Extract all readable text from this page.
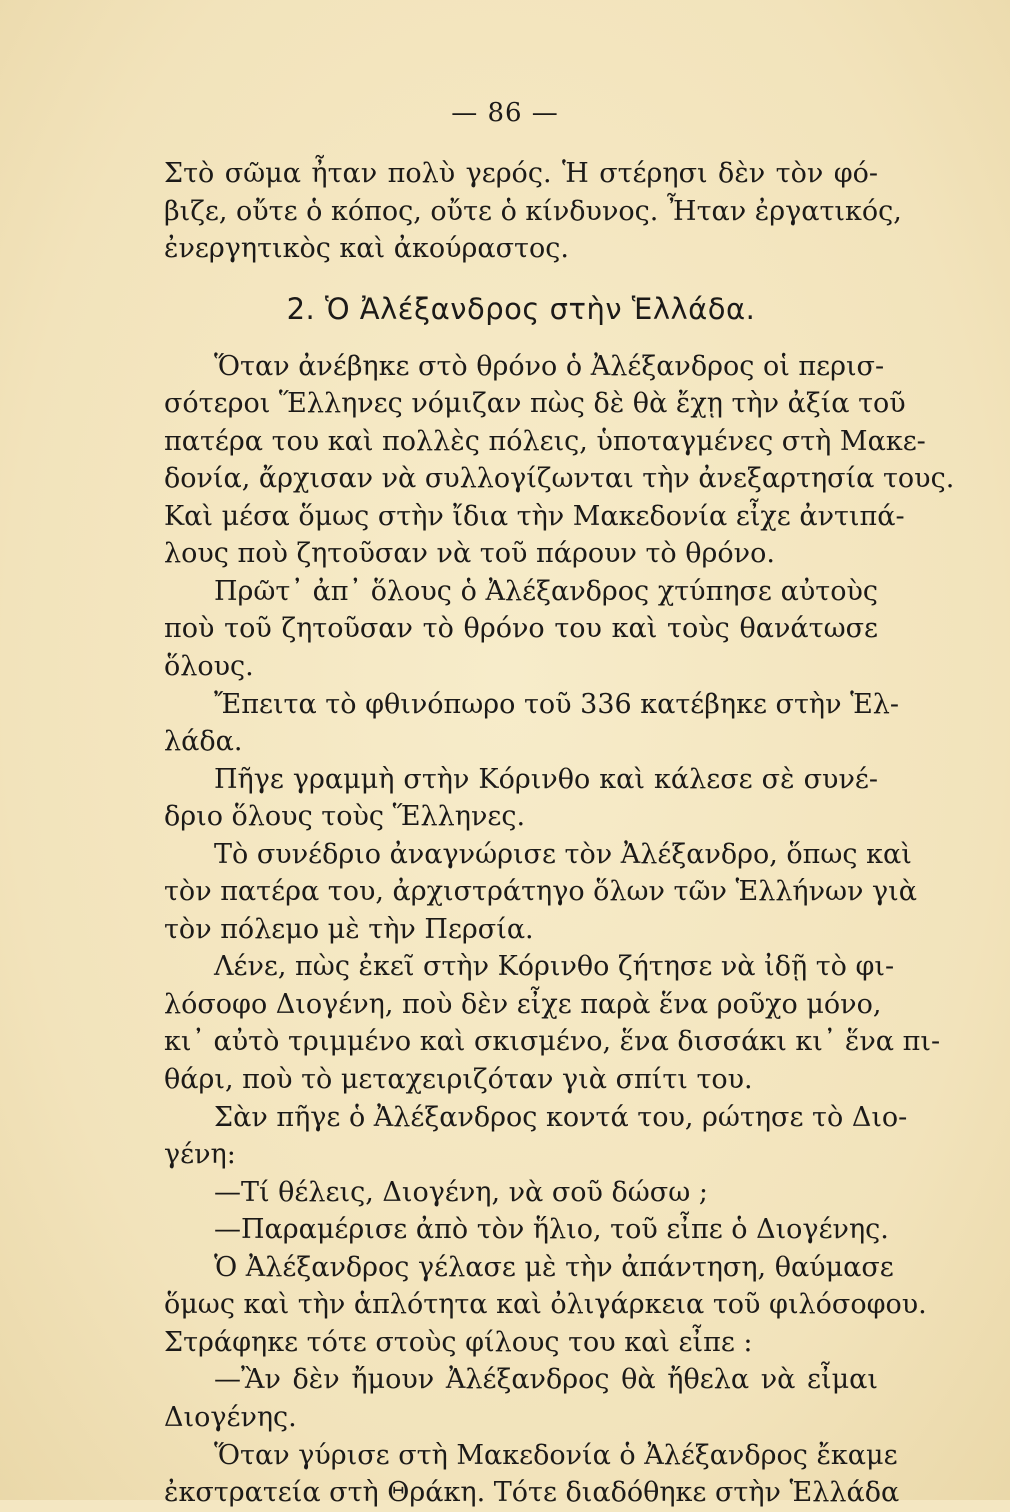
— 86 —
Στὸ σῶμα ἦταν πολὺ γερός. Ἡ στέρησι δὲν τὸν φό-
βιζε, οὔτε ὁ κόπος, οὔτε ὁ κίνδυνος. Ἦταν ἐργατικός,
ἐνεργητικὸς καὶ ἀκούραστος.
2. Ὁ Ἀλέξανδρος στὴν Ἑλλάδα.
Ὅταν ἀνέβηκε στὸ θρόνο ὁ Ἀλέξανδρος οἱ περισ-
σότεροι Ἕλληνες νόμιζαν πὼς δὲ θὰ ἔχῃ τὴν ἀξία τοῦ
πατέρα του καὶ πολλὲς πόλεις, ὑποταγμένες στὴ Μακε-
δονία, ἄρχισαν νὰ συλλογίζωνται τὴν ἀνεξαρτησία τους.
Καὶ μέσα ὅμως στὴν ἴδια τὴν Μακεδονία εἶχε ἀντιπά-
λους ποὺ ζητοῦσαν νὰ τοῦ πάρουν τὸ θρόνο.
Πρῶτ᾽ ἀπ᾽ ὅλους ὁ Ἀλέξανδρος χτύπησε αὐτοὺς
ποὺ τοῦ ζητοῦσαν τὸ θρόνο του καὶ τοὺς θανάτωσε
ὅλους.
Ἔπειτα τὸ φθινόπωρο τοῦ 336 κατέβηκε στὴν Ἑλ-
λάδα.
Πῆγε γραμμὴ στὴν Κόρινθο καὶ κάλεσε σὲ συνέ-
δριο ὅλους τοὺς Ἕλληνες.
Τὸ συνέδριο ἀναγνώρισε τὸν Ἀλέξανδρο, ὅπως καὶ
τὸν πατέρα του, ἀρχιστράτηγο ὅλων τῶν Ἑλλήνων γιὰ
τὸν πόλεμο μὲ τὴν Περσία.
Λένε, πὼς ἐκεῖ στὴν Κόρινθο ζήτησε νὰ ἰδῇ τὸ φι-
λόσοφο Διογένη, ποὺ δὲν εἶχε παρὰ ἕνα ροῦχο μόνο,
κι᾽ αὐτὸ τριμμένο καὶ σκισμένο, ἕνα δισσάκι κι᾽ ἕνα πι-
θάρι, ποὺ τὸ μεταχειριζόταν γιὰ σπίτι του.
Σὰν πῆγε ὁ Ἀλέξανδρος κοντά του, ρώτησε τὸ Διο-
γένη:
—Τί θέλεις, Διογένη, νὰ σοῦ δώσω ;
—Παραμέρισε ἀπὸ τὸν ἥλιο, τοῦ εἶπε ὁ Διογένης.
Ὁ Ἀλέξανδρος γέλασε μὲ τὴν ἀπάντηση, θαύμασε
ὅμως καὶ τὴν ἁπλότητα καὶ ὀλιγάρκεια τοῦ φιλόσοφου.
Στράφηκε τότε στοὺς φίλους του καὶ εἶπε :
—Ἂν δὲν ἤμουν Ἀλέξανδρος θὰ ἤθελα νὰ εἶμαι
Διογένης.
Ὅταν γύρισε στὴ Μακεδονία ὁ Ἀλέξανδρος ἔκαμε
ἐκστρατεία στὴ Θράκη. Τότε διαδόθηκε στὴν Ἑλλάδα
